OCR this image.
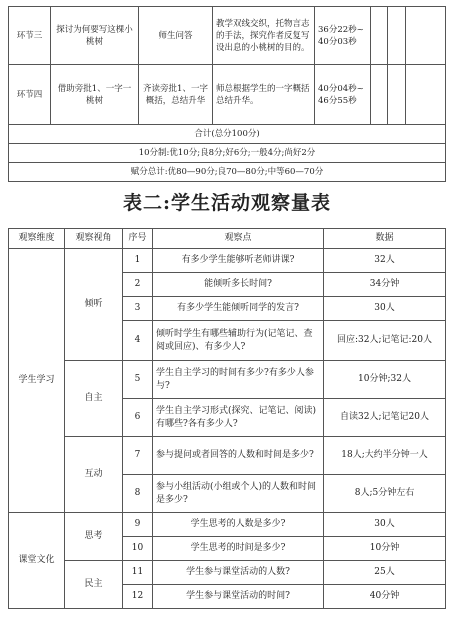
环节三	探讨为何要写这棵小桃树	师生问答	教学双线交织，托物言志的手法，探究作者反复写设出息的小桃树的目的。	36分22秒~40分03秒			
环节四	借助旁批1、一字一桃树	齐读旁批1、一字概括，总结升华	师总根据学生的一字概括总结升华。	40分04秒~46分55秒			
合计(总分100分)							
10分制:优10分;良8分;好6分;一般4分;尚好2分							
赋分总计:优80—90分;良70—80分;中等60—70分							
表二:学生活动观察量表
观察维度	观察视角	序号	观察点	数据
学生学习	倾听	1	有多少学生能够听老师讲课?	32人
		2	能倾听多长时间?	34分钟
		3	有多少学生能倾听同学的发言?	30人
		4	倾听时学生有哪些辅助行为(记笔记、查阅或回应)、有多少人?	回应:32人;记笔记:20人
	自主	5	学生自主学习的时间有多少?有多少人参与?	10分钟;32人
		6	学生自主学习形式(探究、记笔记、阅读)有哪些?各有多少人?	自读32人;记笔记20人
	互动	7	参与提问或者回答的人数和时间是多少?	18人;大约半分钟一人
		8	参与小组活动(小组或个人)的人数和时间是多少?	8人;5分钟左右
课堂文化	思考	9	学生思考的人数是多少?	30人
		10	学生思考的时间是多少?	10分钟
	民主	11	学生参与课堂活动的人数?	25人
		12	学生参与课堂活动的时间?	40分钟
